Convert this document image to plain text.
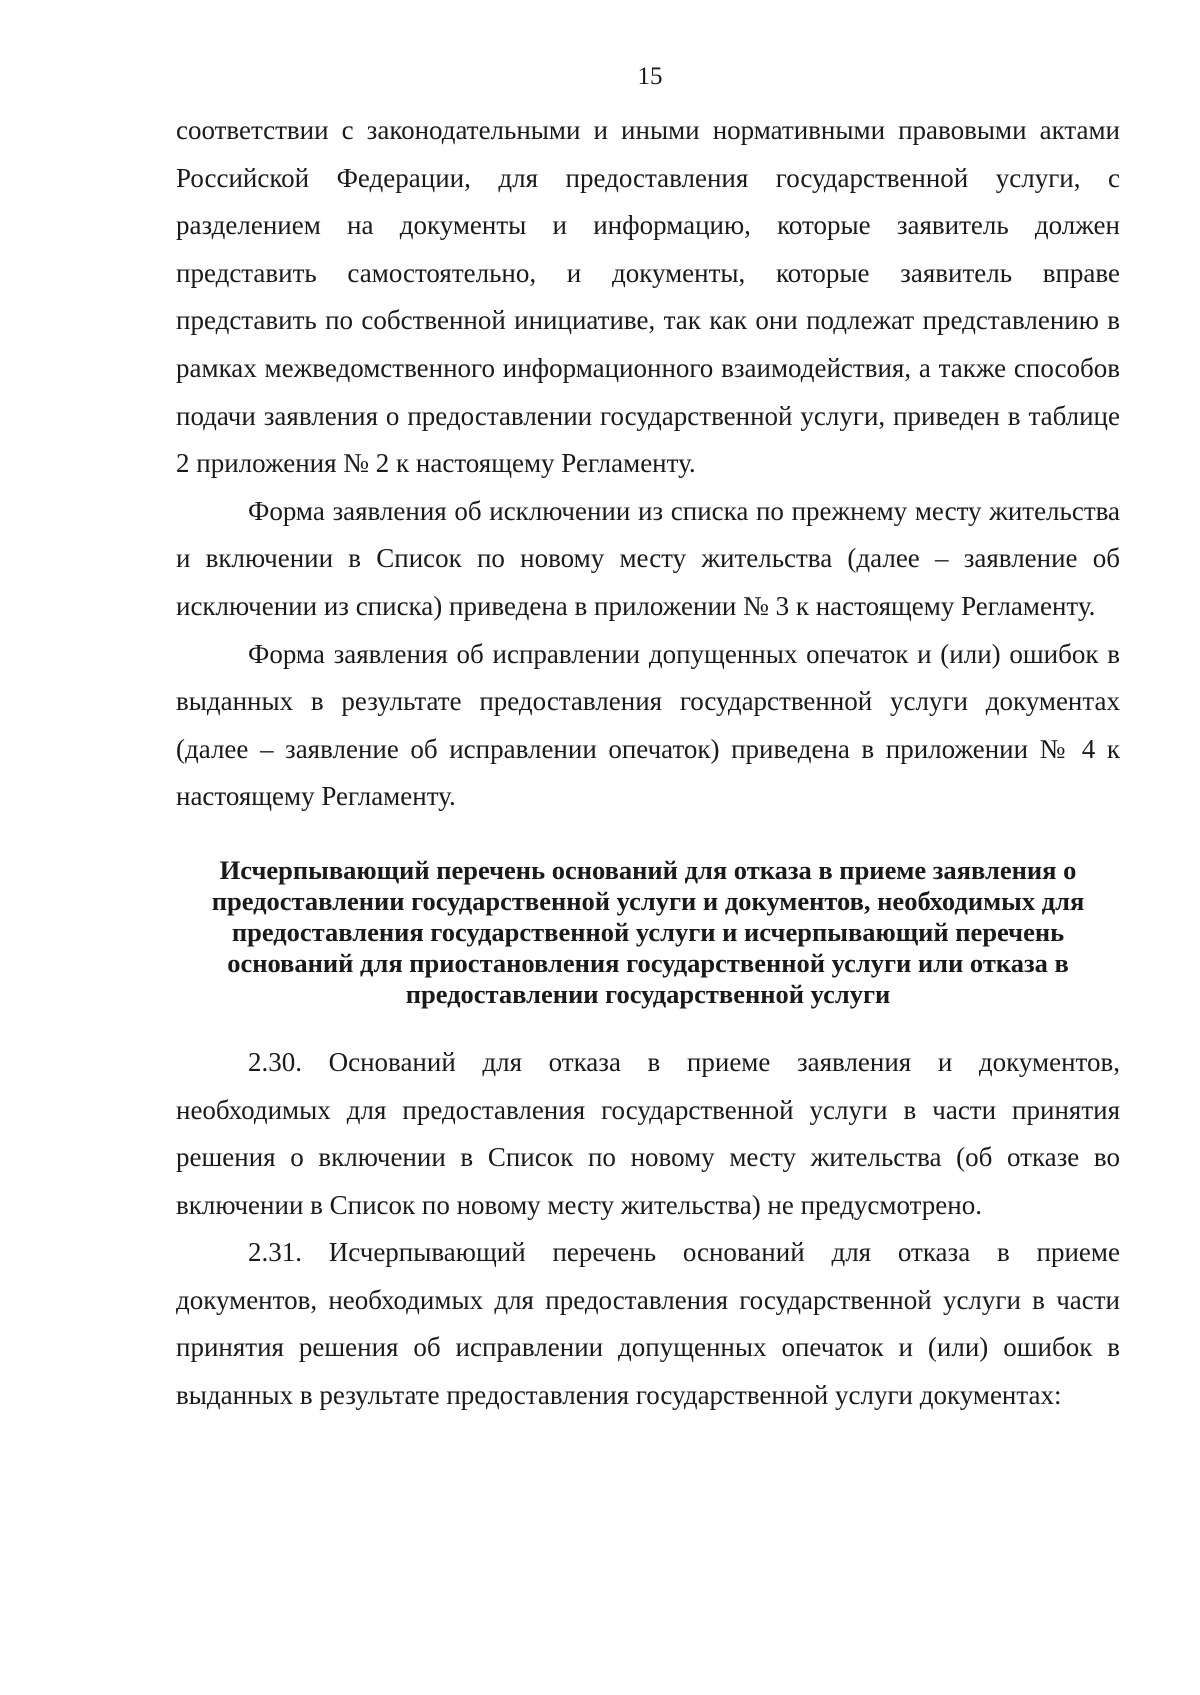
15

соответствии с законодательными и иными нормативными правовыми актами Российской Федерации, для предоставления государственной услуги, с разделением на документы и информацию, которые заявитель должен представить самостоятельно, и документы, которые заявитель вправе представить по собственной инициативе, так как они подлежат представлению в рамках межведомственного информационного взаимодействия, а также способов подачи заявления о предоставлении государственной услуги, приведен в таблице 2 приложения № 2 к настоящему Регламенту.

Форма заявления об исключении из списка по прежнему месту жительства и включении в Список по новому месту жительства (далее – заявление об исключении из списка) приведена в приложении № 3 к настоящему Регламенту.

Форма заявления об исправлении допущенных опечаток и (или) ошибок в выданных в результате предоставления государственной услуги документах (далее – заявление об исправлении опечаток) приведена в приложении № 4 к настоящему Регламенту.

Исчерпывающий перечень оснований для отказа в приеме заявления о предоставлении государственной услуги и документов, необходимых для предоставления государственной услуги и исчерпывающий перечень оснований для приостановления государственной услуги или отказа в предоставлении государственной услуги

2.30. Оснований для отказа в приеме заявления и документов, необходимых для предоставления государственной услуги в части принятия решения о включении в Список по новому месту жительства (об отказе во включении в Список по новому месту жительства) не предусмотрено.

2.31. Исчерпывающий перечень оснований для отказа в приеме документов, необходимых для предоставления государственной услуги в части принятия решения об исправлении допущенных опечаток и (или) ошибок в выданных в результате предоставления государственной услуги документах:
